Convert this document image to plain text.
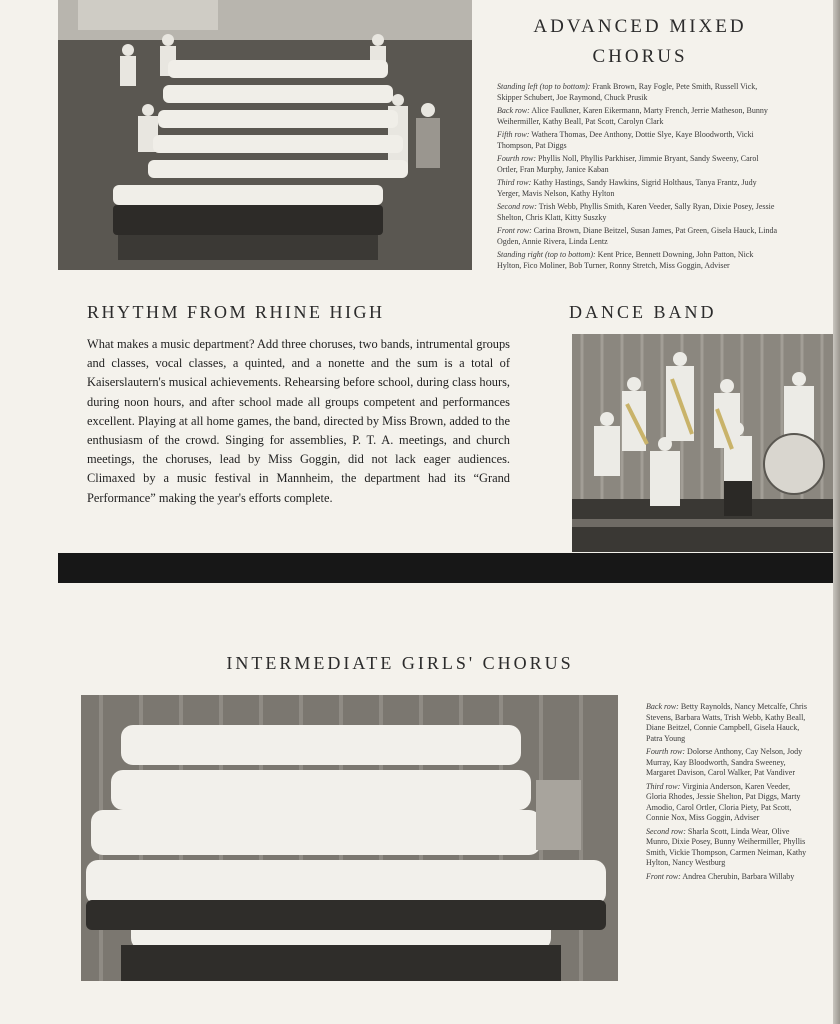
ADVANCED MIXED CHORUS

Standing left (top to bottom): Frank Brown, Ray Fogle, Pete Smith, Russell Vick, Skipper Schubert, Joe Raymond, Chuck Prusik

Back row: Alice Faulkner, Karen Eikermann, Marty French, Jerrie Matheson, Bunny Weihermiller, Kathy Beall, Pat Scott, Carolyn Clark

Fifth row: Wathera Thomas, Dee Anthony, Dottie Slye, Kaye Bloodworth, Vicki Thompson, Pat Diggs

Fourth row: Phyllis Noll, Phyllis Parkhiser, Jimmie Bryant, Sandy Sweeny, Carol Ortler, Fran Murphy, Janice Kaban

Third row: Kathy Hastings, Sandy Hawkins, Sigrid Holthaus, Tanya Frantz, Judy Yerger, Mavis Nelson, Kathy Hylton

Second row: Trish Webb, Phyllis Smith, Karen Veeder, Sally Ryan, Dixie Posey, Jessie Shelton, Chris Klatt, Kitty Suszky

Front row: Carina Brown, Diane Beitzel, Susan James, Pat Green, Gisela Hauck, Linda Ogden, Annie Rivera, Linda Lentz

Standing right (top to bottom): Kent Price, Bennett Downing, John Patton, Nick Hylton, Fico Moliner, Bob Turner, Ronny Stretch, Miss Goggin, Adviser

RHYTHM FROM RHINE HIGH
What makes a music department? Add three choruses, two bands, intrumental groups and classes, vocal classes, a quinted, and a nonette and the sum is a total of Kaiserslautern's musical achievements. Rehearsing before school, during class hours, during noon hours, and after school made all groups competent and performances excellent. Playing at all home games, the band, directed by Miss Brown, added to the enthusiasm of the crowd. Singing for assemblies, P. T. A. meetings, and church meetings, the choruses, lead by Miss Goggin, did not lack eager audiences. Climaxed by a music festival in Mannheim, the department had its “Grand Performance” making the year's efforts complete.
DANCE BAND
INTERMEDIATE GIRLS' CHORUS

Back row: Betty Raynolds, Nancy Metcalfe, Chris Stevens, Barbara Watts, Trish Webb, Kathy Beall, Diane Beitzel, Connie Campbell, Gisela Hauck, Patra Young

Fourth row: Dolorse Anthony, Cay Nelson, Jody Murray, Kay Bloodworth, Sandra Sweeney, Margaret Davison, Carol Walker, Pat Vandiver

Third row: Virginia Anderson, Karen Veeder, Gloria Rhodes, Jessie Shelton, Pat Diggs, Marty Amodio, Carol Ortler, Cloria Piety, Pat Scott, Connie Nox, Miss Goggin, Adviser

Second row: Sharla Scott, Linda Wear, Olive Munro, Dixie Posey, Bunny Weihermiller, Phyllis Smith, Vickie Thompson, Carmen Neiman, Kathy Hylton, Nancy Westburg

Front row: Andrea Cherubin, Barbara Willaby
